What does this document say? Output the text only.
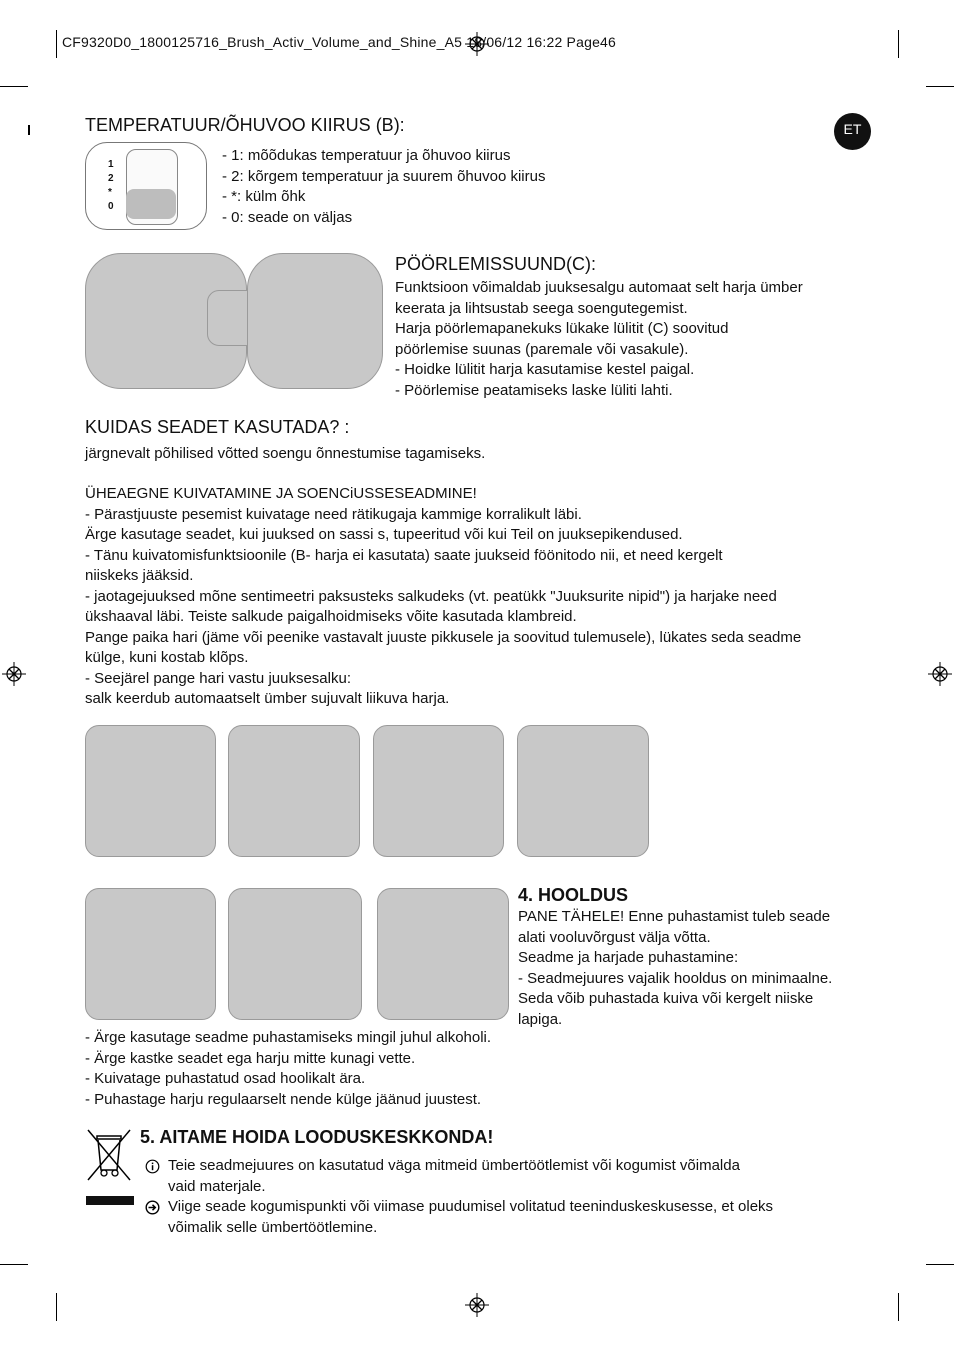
CF9320D0_1800125716_Brush_Activ_Volume_and_Shine_A5 18/06/12 16:22 Page46
ET
TEMPERATUUR/ÕHUVOO KIIRUS (B):
1
2
*
0
- 1: mõõdukas temperatuur ja õhuvoo kiirus
- 2: kõrgem temperatuur ja suurem õhuvoo kiirus
- *: külm õhk
- 0: seade on väljas
PÖÖRLEMISSUUND(C):
Funktsioon võimaldab juuksesalgu automaat selt harja ümber
keerata ja lihtsustab seega soengutegemist.
Harja pöörlemapanekuks lükake lülitit (C) soovitud
pöörlemise suunas (paremale või vasakule).
- Hoidke lülitit harja kasutamise kestel paigal.
- Pöörlemise peatamiseks laske lüliti lahti.
KUIDAS SEADET KASUTADA? :
järgnevalt põhilised võtted soengu õnnestumise tagamiseks.
ÜHEAEGNE KUIVATAMINE JA SOENCiUSSESEADMINE!
- Pärastjuuste pesemist kuivatage need rätikugaja kammige korralikult läbi.
Ärge kasutage seadet, kui juuksed on sassi s, tupeeritud või kui Teil on juuksepikendused.
- Tänu kuivatomisfunktsioonile (B- harja ei kasutata) saate juukseid föönitodo nii, et need kergelt
niiskeks jääksid.
- jaotagejuuksed mõne sentimeetri paksusteks salkudeks (vt. peatükk "Juuksurite nipid") ja harjake need
ükshaaval läbi. Teiste salkude paigalhoidmiseks võite kasutada klambreid.
Pange paika hari (jäme või peenike vastavalt juuste pikkusele ja soovitud tulemusele), lükates seda seadme
külge, kuni kostab klõps.
- Seejärel pange hari vastu juuksesalku:
salk keerdub automaatselt ümber sujuvalt liikuva harja.
4. HOOLDUS
PANE TÄHELE! Enne puhastamist tuleb seade
alati vooluvõrgust välja võtta.
Seadme ja harjade puhastamine:
- Seadmejuures vajalik hooldus on minimaalne.
Seda võib puhastada kuiva või kergelt niiske
lapiga.
- Ärge kasutage seadme puhastamiseks mingil juhul alkoholi.
- Ärge kastke seadet ega harju mitte kunagi vette.
- Kuivatage puhastatud osad hoolikalt ära.
- Puhastage harju regulaarselt nende külge jäänud juustest.
5. AITAME HOIDA LOODUSKESKKONDA!
Teie seadmejuures on kasutatud väga mitmeid ümbertöötlemist või kogumist võimalda
vaid materjale.
Viige seade kogumispunkti või viimase puudumisel volitatud teeninduskeskusesse, et oleks
võimalik selle ümbertöötlemine.
